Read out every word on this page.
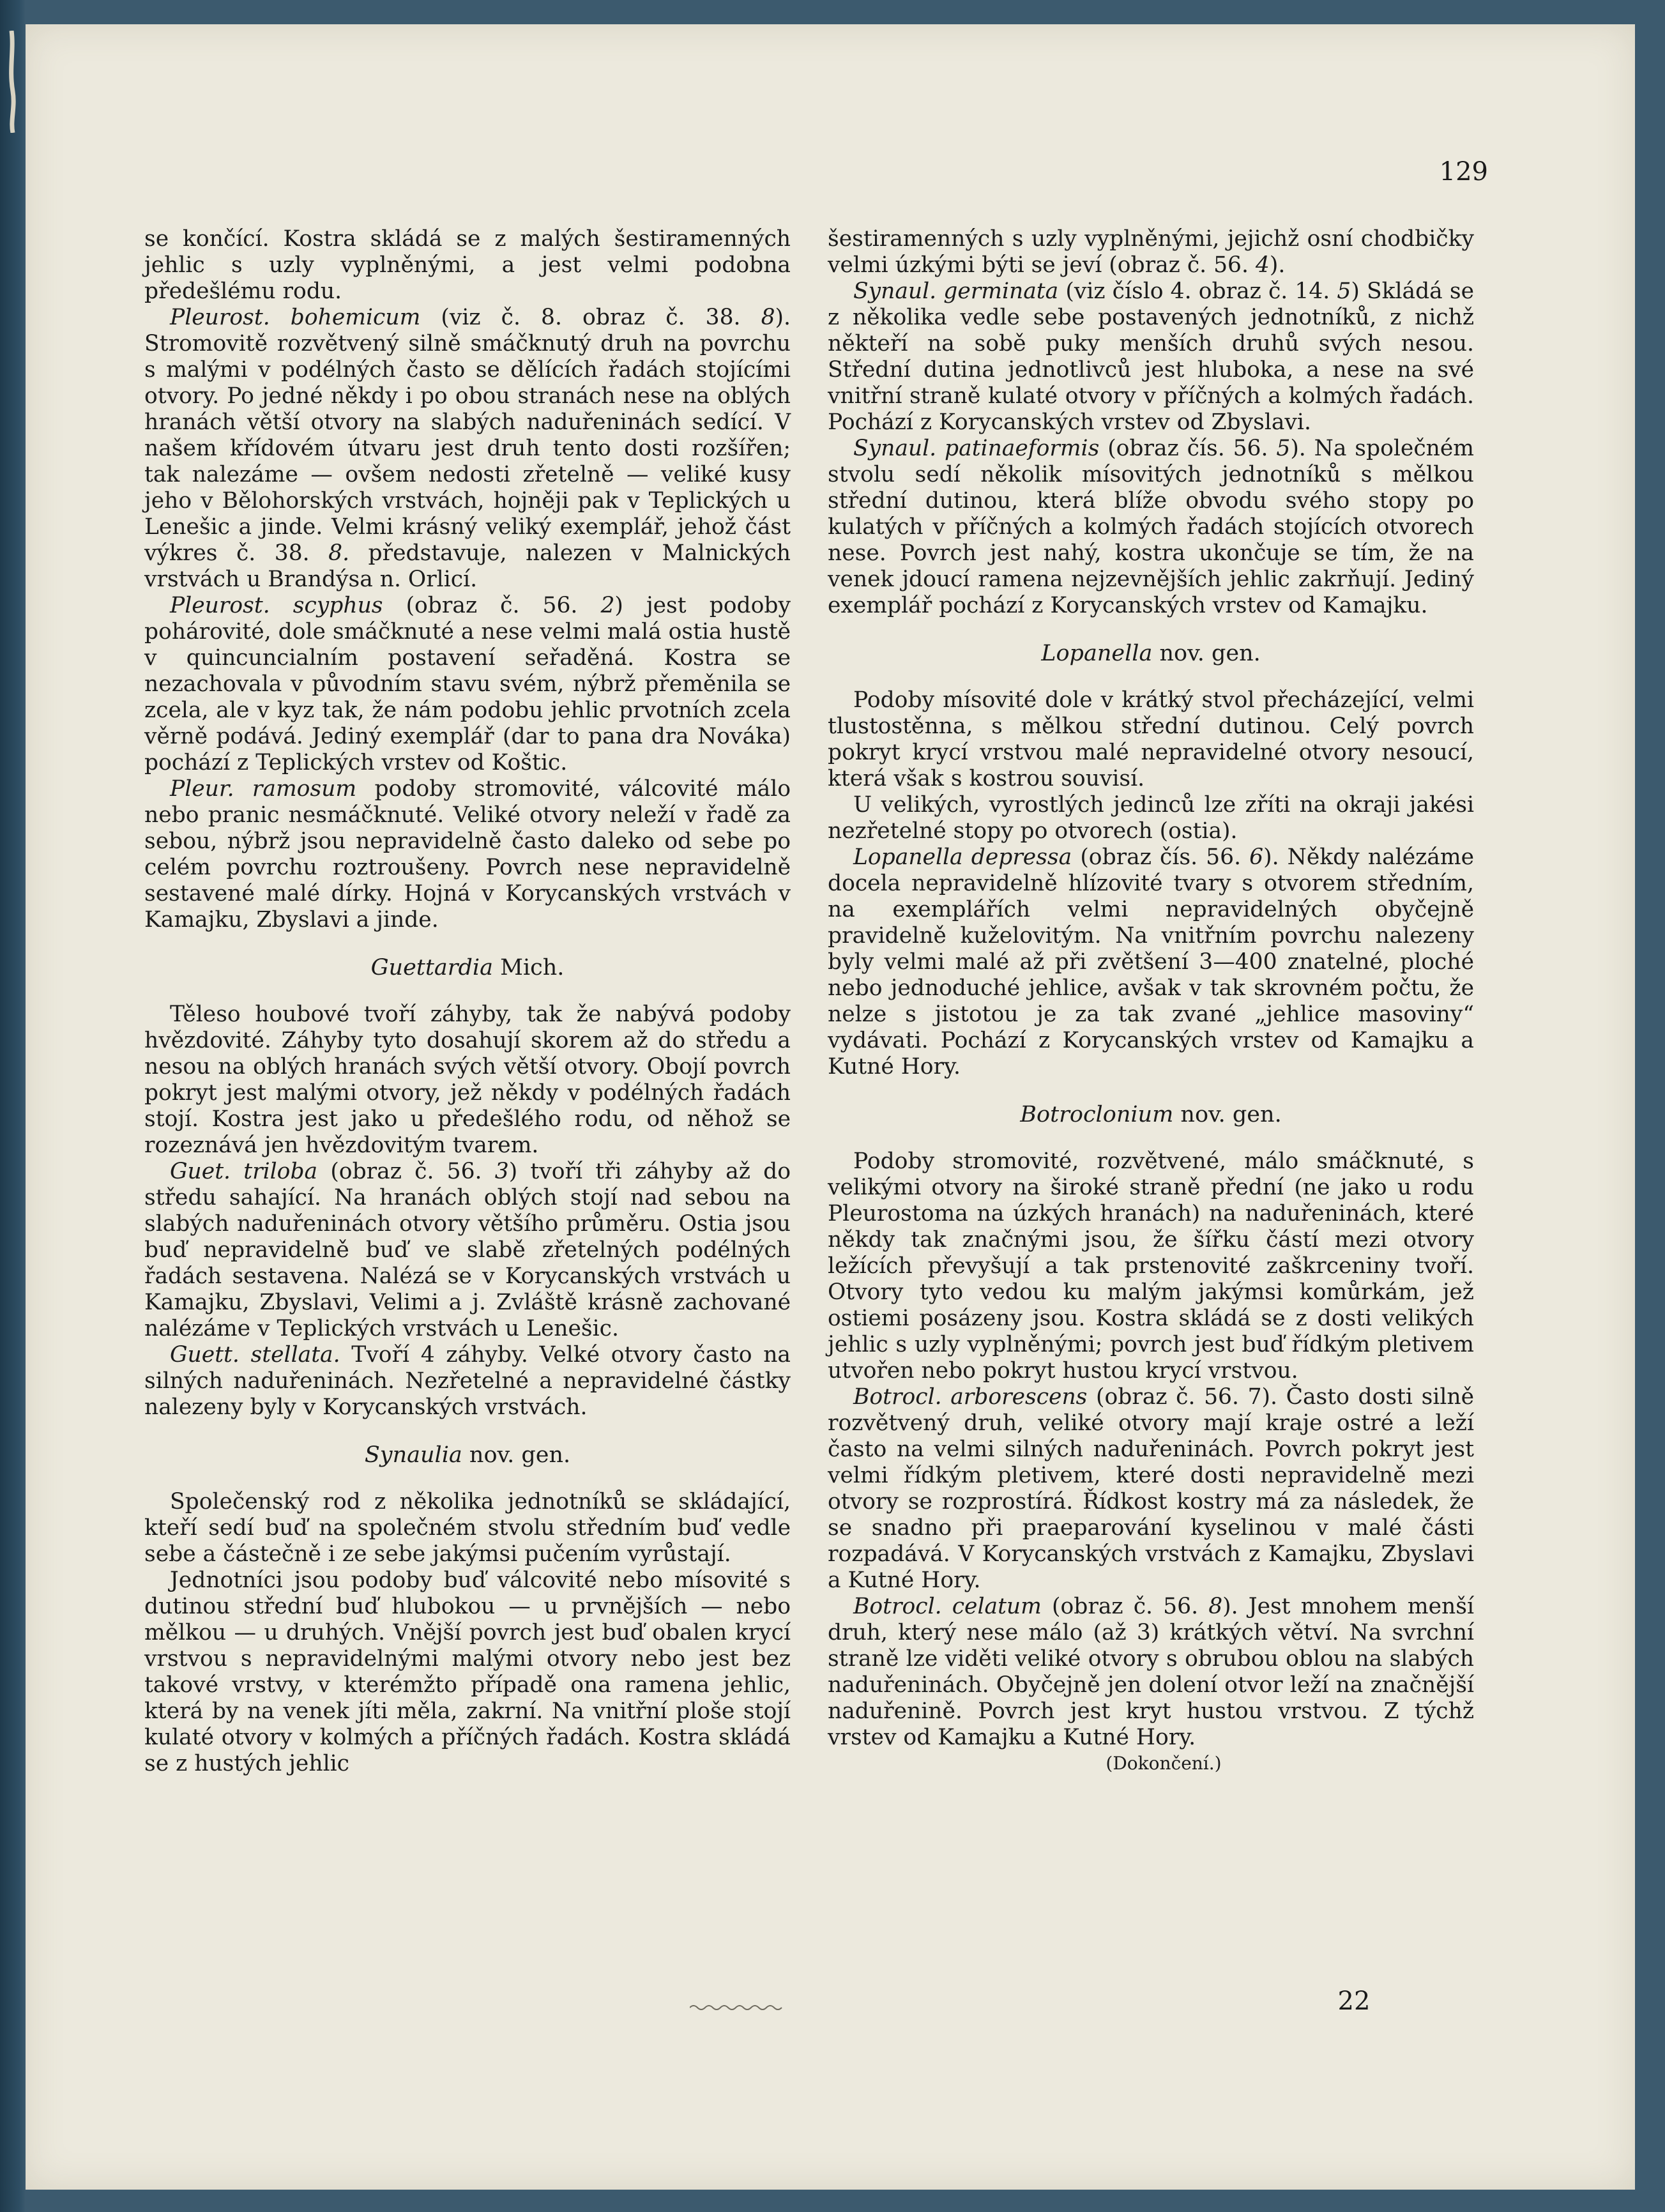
129

se končící. Kostra skládá se z malých šestiramenných jehlic s uzly vyplněnými, a jest velmi podobna předešlému rodu.

Pleurost. bohemicum (viz č. 8. obraz č. 38. 8). Stromovitě rozvětvený silně smáčknutý druh na povrchu s malými v podélných často se dělících řadách stojícími otvory. Po jedné někdy i po obou stranách nese na oblých hranách větší otvory na slabých naduřeninách sedící. V našem křídovém útvaru jest druh tento dosti rozšířen; tak nalezáme — ovšem nedosti zřetelně — veliké kusy jeho v Bělohorských vrstvách, hojněji pak v Teplických u Lenešic a jinde. Velmi krásný veliký exemplář, jehož část výkres č. 38. 8. představuje, nalezen v Malnických vrstvách u Brandýsa n. Orlicí.

Pleurost. scyphus (obraz č. 56. 2) jest podoby pohárovité, dole smáčknuté a nese velmi malá ostia hustě v quincuncialním postavení seřaděná. Kostra se nezachovala v původním stavu svém, nýbrž přeměnila se zcela, ale v kyz tak, že nám podobu jehlic prvotních zcela věrně podává. Jediný exemplář (dar to pana dra Nováka) pochází z Teplických vrstev od Koštic.

Pleur. ramosum podoby stromovité, válcovité málo nebo pranic nesmáčknuté. Veliké otvory neleží v řadě za sebou, nýbrž jsou nepravidelně často daleko od sebe po celém povrchu roztroušeny. Povrch nese nepravidelně sestavené malé dírky. Hojná v Korycanských vrstvách v Kamajku, Zbyslavi a jinde.

Guettardia Mich.

Těleso houbové tvoří záhyby, tak že nabývá podoby hvězdovité. Záhyby tyto dosahují skorem až do středu a nesou na oblých hranách svých větší otvory. Obojí povrch pokryt jest malými otvory, jež někdy v podélných řadách stojí. Kostra jest jako u předešlého rodu, od něhož se rozeznává jen hvězdovitým tvarem.

Guet. triloba (obraz č. 56. 3) tvoří tři záhyby až do středu sahající. Na hranách oblých stojí nad sebou na slabých naduřeninách otvory většího průměru. Ostia jsou buď nepravidelně buď ve slabě zřetelných podélných řadách sestavena. Nalézá se v Korycanských vrstvách u Kamajku, Zbyslavi, Velimi a j. Zvláště krásně zachované nalézáme v Teplických vrstvách u Lenešic.

Guett. stellata. Tvoří 4 záhyby. Velké otvory často na silných naduřeninách. Nezřetelné a nepravidelné částky nalezeny byly v Korycanských vrstvách.

Synaulia nov. gen.

Společenský rod z několika jednotníků se skládající, kteří sedí buď na společném stvolu středním buď vedle sebe a částečně i ze sebe jakýmsi pučením vyrůstají.

Jednotníci jsou podoby buď válcovité nebo mísovité s dutinou střední buď hlubokou — u prvnějších — nebo mělkou — u druhých. Vnější povrch jest buď obalen krycí vrstvou s nepravidelnými malými otvory nebo jest bez takové vrstvy, v kterémžto případě ona ramena jehlic, která by na venek jíti měla, zakrní. Na vnitřní ploše stojí kulaté otvory v kolmých a příčných řadách. Kostra skládá se z hustých jehlic

šestiramenných s uzly vyplněnými, jejichž osní chodbičky velmi úzkými býti se jeví (obraz č. 56. 4).

Synaul. germinata (viz číslo 4. obraz č. 14. 5) Skládá se z několika vedle sebe postavených jednotníků, z nichž někteří na sobě puky menších druhů svých nesou. Střední dutina jednotlivců jest hluboka, a nese na své vnitřní straně kulaté otvory v příčných a kolmých řadách. Pochází z Korycanských vrstev od Zbyslavi.

Synaul. patinaeformis (obraz čís. 56. 5). Na společném stvolu sedí několik mísovitých jednotníků s mělkou střední dutinou, která blíže obvodu svého stopy po kulatých v příčných a kolmých řadách stojících otvorech nese. Povrch jest nahý, kostra ukončuje se tím, že na venek jdoucí ramena nejzevnějších jehlic zakrňují. Jediný exemplář pochází z Korycanských vrstev od Kamajku.

Lopanella nov. gen.

Podoby mísovité dole v krátký stvol přecházející, velmi tlustostěnna, s mělkou střední dutinou. Celý povrch pokryt krycí vrstvou malé nepravidelné otvory nesoucí, která však s kostrou souvisí.

U velikých, vyrostlých jedinců lze zříti na okraji jakési nezřetelné stopy po otvorech (ostia).

Lopanella depressa (obraz čís. 56. 6). Někdy nalézáme docela nepravidelně hlízovité tvary s otvorem středním, na exemplářích velmi nepravidelných obyčejně pravidelně kuželovitým. Na vnitřním povrchu nalezeny byly velmi malé až při zvětšení 3—400 znatelné, ploché nebo jednoduché jehlice, avšak v tak skrovném počtu, že nelze s jistotou je za tak zvané „jehlice masoviny“ vydávati. Pochází z Korycanských vrstev od Kamajku a Kutné Hory.

Botroclonium nov. gen.

Podoby stromovité, rozvětvené, málo smáčknuté, s velikými otvory na široké straně přední (ne jako u rodu Pleurostoma na úzkých hranách) na naduřeninách, které někdy tak značnými jsou, že šířku částí mezi otvory ležících převyšují a tak prstenovité zaškrceniny tvoří. Otvory tyto vedou ku malým jakýmsi komůrkám, jež ostiemi posázeny jsou. Kostra skládá se z dosti velikých jehlic s uzly vyplněnými; povrch jest buď řídkým pletivem utvořen nebo pokryt hustou krycí vrstvou.

Botrocl. arborescens (obraz č. 56. 7). Často dosti silně rozvětvený druh, veliké otvory mají kraje ostré a leží často na velmi silných naduřeninách. Povrch pokryt jest velmi řídkým pletivem, které dosti nepravidelně mezi otvory se rozprostírá. Řídkost kostry má za následek, že se snadno při praeparování kyselinou v malé části rozpadává. V Korycanských vrstvách z Kamajku, Zbyslavi a Kutné Hory.

Botrocl. celatum (obraz č. 56. 8). Jest mnohem menší druh, který nese málo (až 3) krátkých větví. Na svrchní straně lze viděti veliké otvory s obrubou oblou na slabých naduřeninách. Obyčejně jen dolení otvor leží na značnější naduřenině. Povrch jest kryt hustou vrstvou. Z týchž vrstev od Kamajku a Kutné Hory.

(Dokončení.)

22
